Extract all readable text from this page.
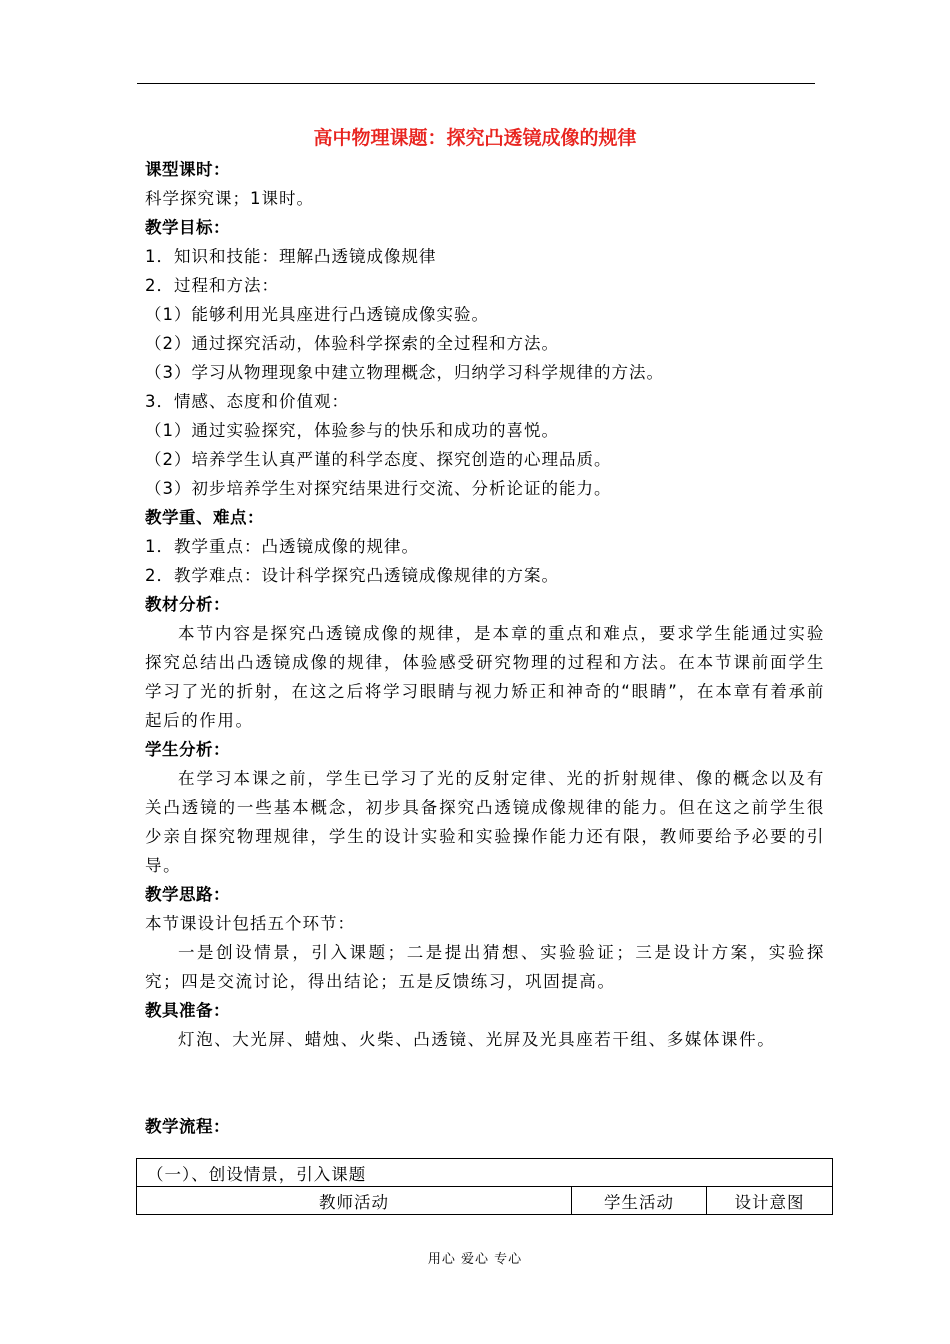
高中物理课题：探究凸透镜成像的规律
课型课时：
科学探究课；1课时。
教学目标：
1．知识和技能：理解凸透镜成像规律
2．过程和方法：
（1）能够利用光具座进行凸透镜成像实验。
（2）通过探究活动，体验科学探索的全过程和方法。
（3）学习从物理现象中建立物理概念，归纳学习科学规律的方法。
3．情感、态度和价值观：
（1）通过实验探究，体验参与的快乐和成功的喜悦。
（2）培养学生认真严谨的科学态度、探究创造的心理品质。
（3）初步培养学生对探究结果进行交流、分析论证的能力。
教学重、难点：
1．教学重点：凸透镜成像的规律。
2．教学难点：设计科学探究凸透镜成像规律的方案。
教材分析：
本节内容是探究凸透镜成像的规律，是本章的重点和难点，要求学生能通过实验探究总结出凸透镜成像的规律，体验感受研究物理的过程和方法。在本节课前面学生学习了光的折射，在这之后将学习眼睛与视力矫正和神奇的“眼睛”，在本章有着承前起后的作用。
学生分析：
在学习本课之前，学生已学习了光的反射定律、光的折射规律、像的概念以及有关凸透镜的一些基本概念，初步具备探究凸透镜成像规律的能力。但在这之前学生很少亲自探究物理规律，学生的设计实验和实验操作能力还有限，教师要给予必要的引导。
教学思路：
本节课设计包括五个环节：
一是创设情景，引入课题；二是提出猜想、实验验证；三是设计方案，实验探究；四是交流讨论，得出结论；五是反馈练习，巩固提高。
教具准备：
灯泡、大光屏、蜡烛、火柴、凸透镜、光屏及光具座若干组、多媒体课件。
教学流程：
（一）、创设情景，引入课题
教师活动	学生活动	设计意图
用心 爱心 专心
